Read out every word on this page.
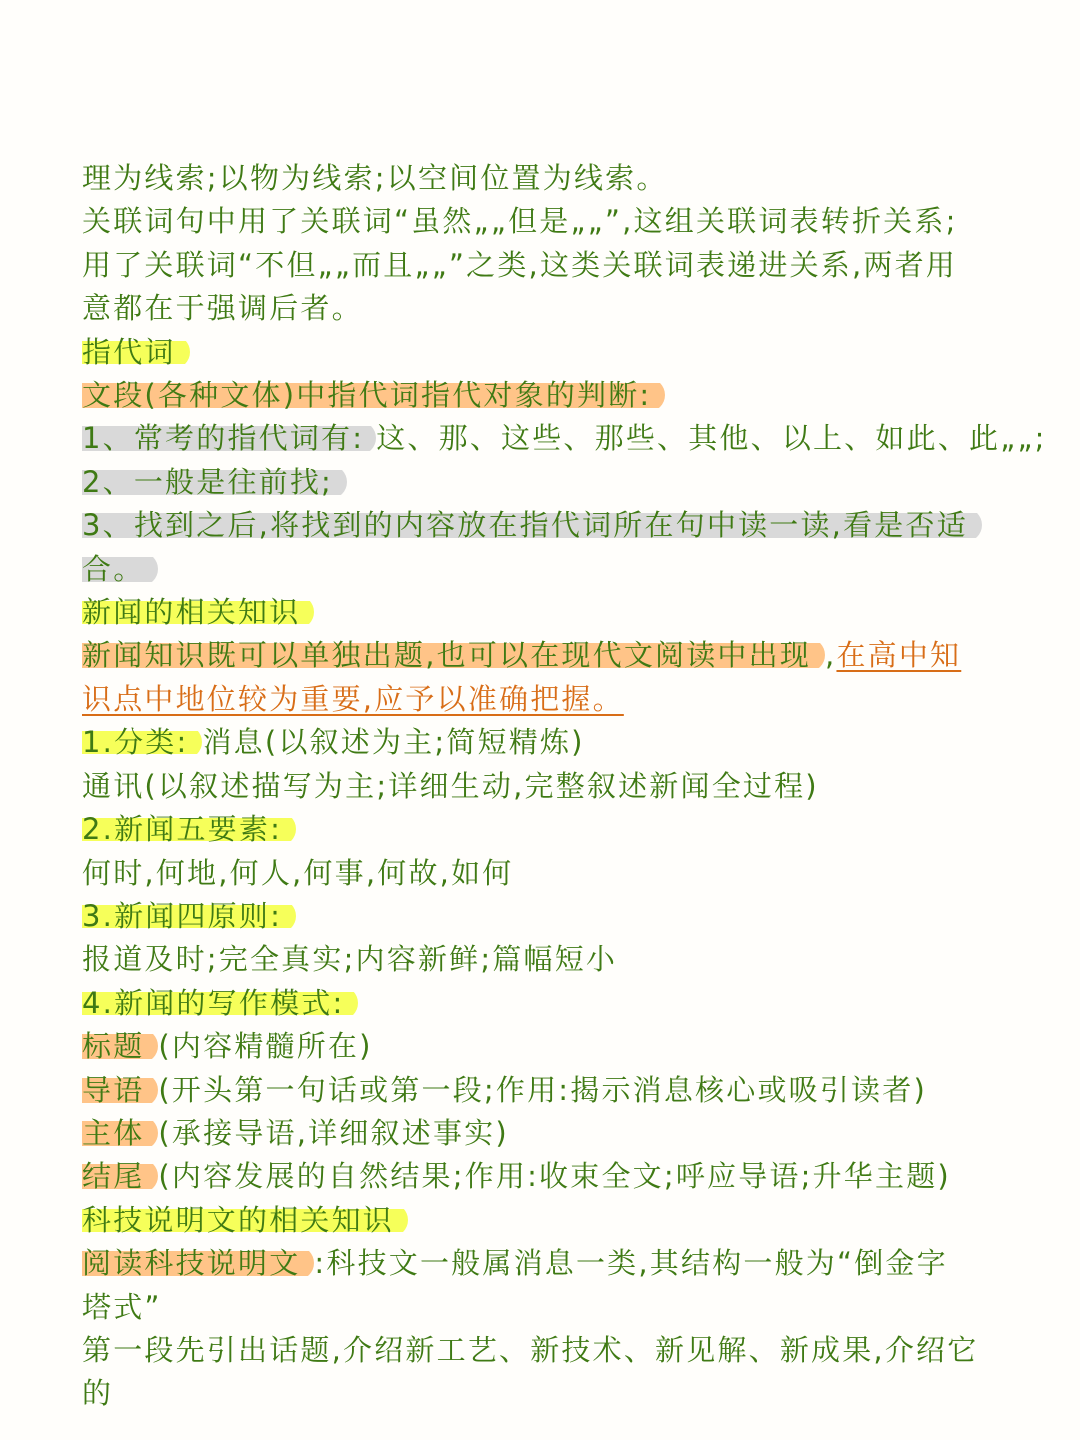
理为线索;以物为线索;以空间位置为线索。
关联词句中用了关联词“虽然„„但是„„”,这组关联词表转折关系;
用了关联词“不但„„而且„„”之类,这类关联词表递进关系,两者用
意都在于强调后者。
指代词
文段(各种文体)中指代词指代对象的判断:
1、常考的指代词有: 这、那、这些、那些、其他、以上、如此、此„„;
2、一般是往前找;
3、找到之后,将找到的内容放在指代词所在句中读一读,看是否适
合。
新闻的相关知识
新闻知识既可以单独出题,也可以在现代文阅读中出现 ,在高中知
识点中地位较为重要,应予以准确把握。
1.分类: 消息(以叙述为主;简短精炼)
通讯(以叙述描写为主;详细生动,完整叙述新闻全过程)
2.新闻五要素:
何时,何地,何人,何事,何故,如何
3.新闻四原则:
报道及时;完全真实;内容新鲜;篇幅短小
4.新闻的写作模式:
标题 (内容精髓所在)
导语 (开头第一句话或第一段;作用:揭示消息核心或吸引读者)
主体 (承接导语,详细叙述事实)
结尾 (内容发展的自然结果;作用:收束全文;呼应导语;升华主题)
科技说明文的相关知识
阅读科技说明文 :科技文一般属消息一类,其结构一般为“倒金字
塔式”
第一段先引出话题,介绍新工艺、新技术、新见解、新成果,介绍它
的
